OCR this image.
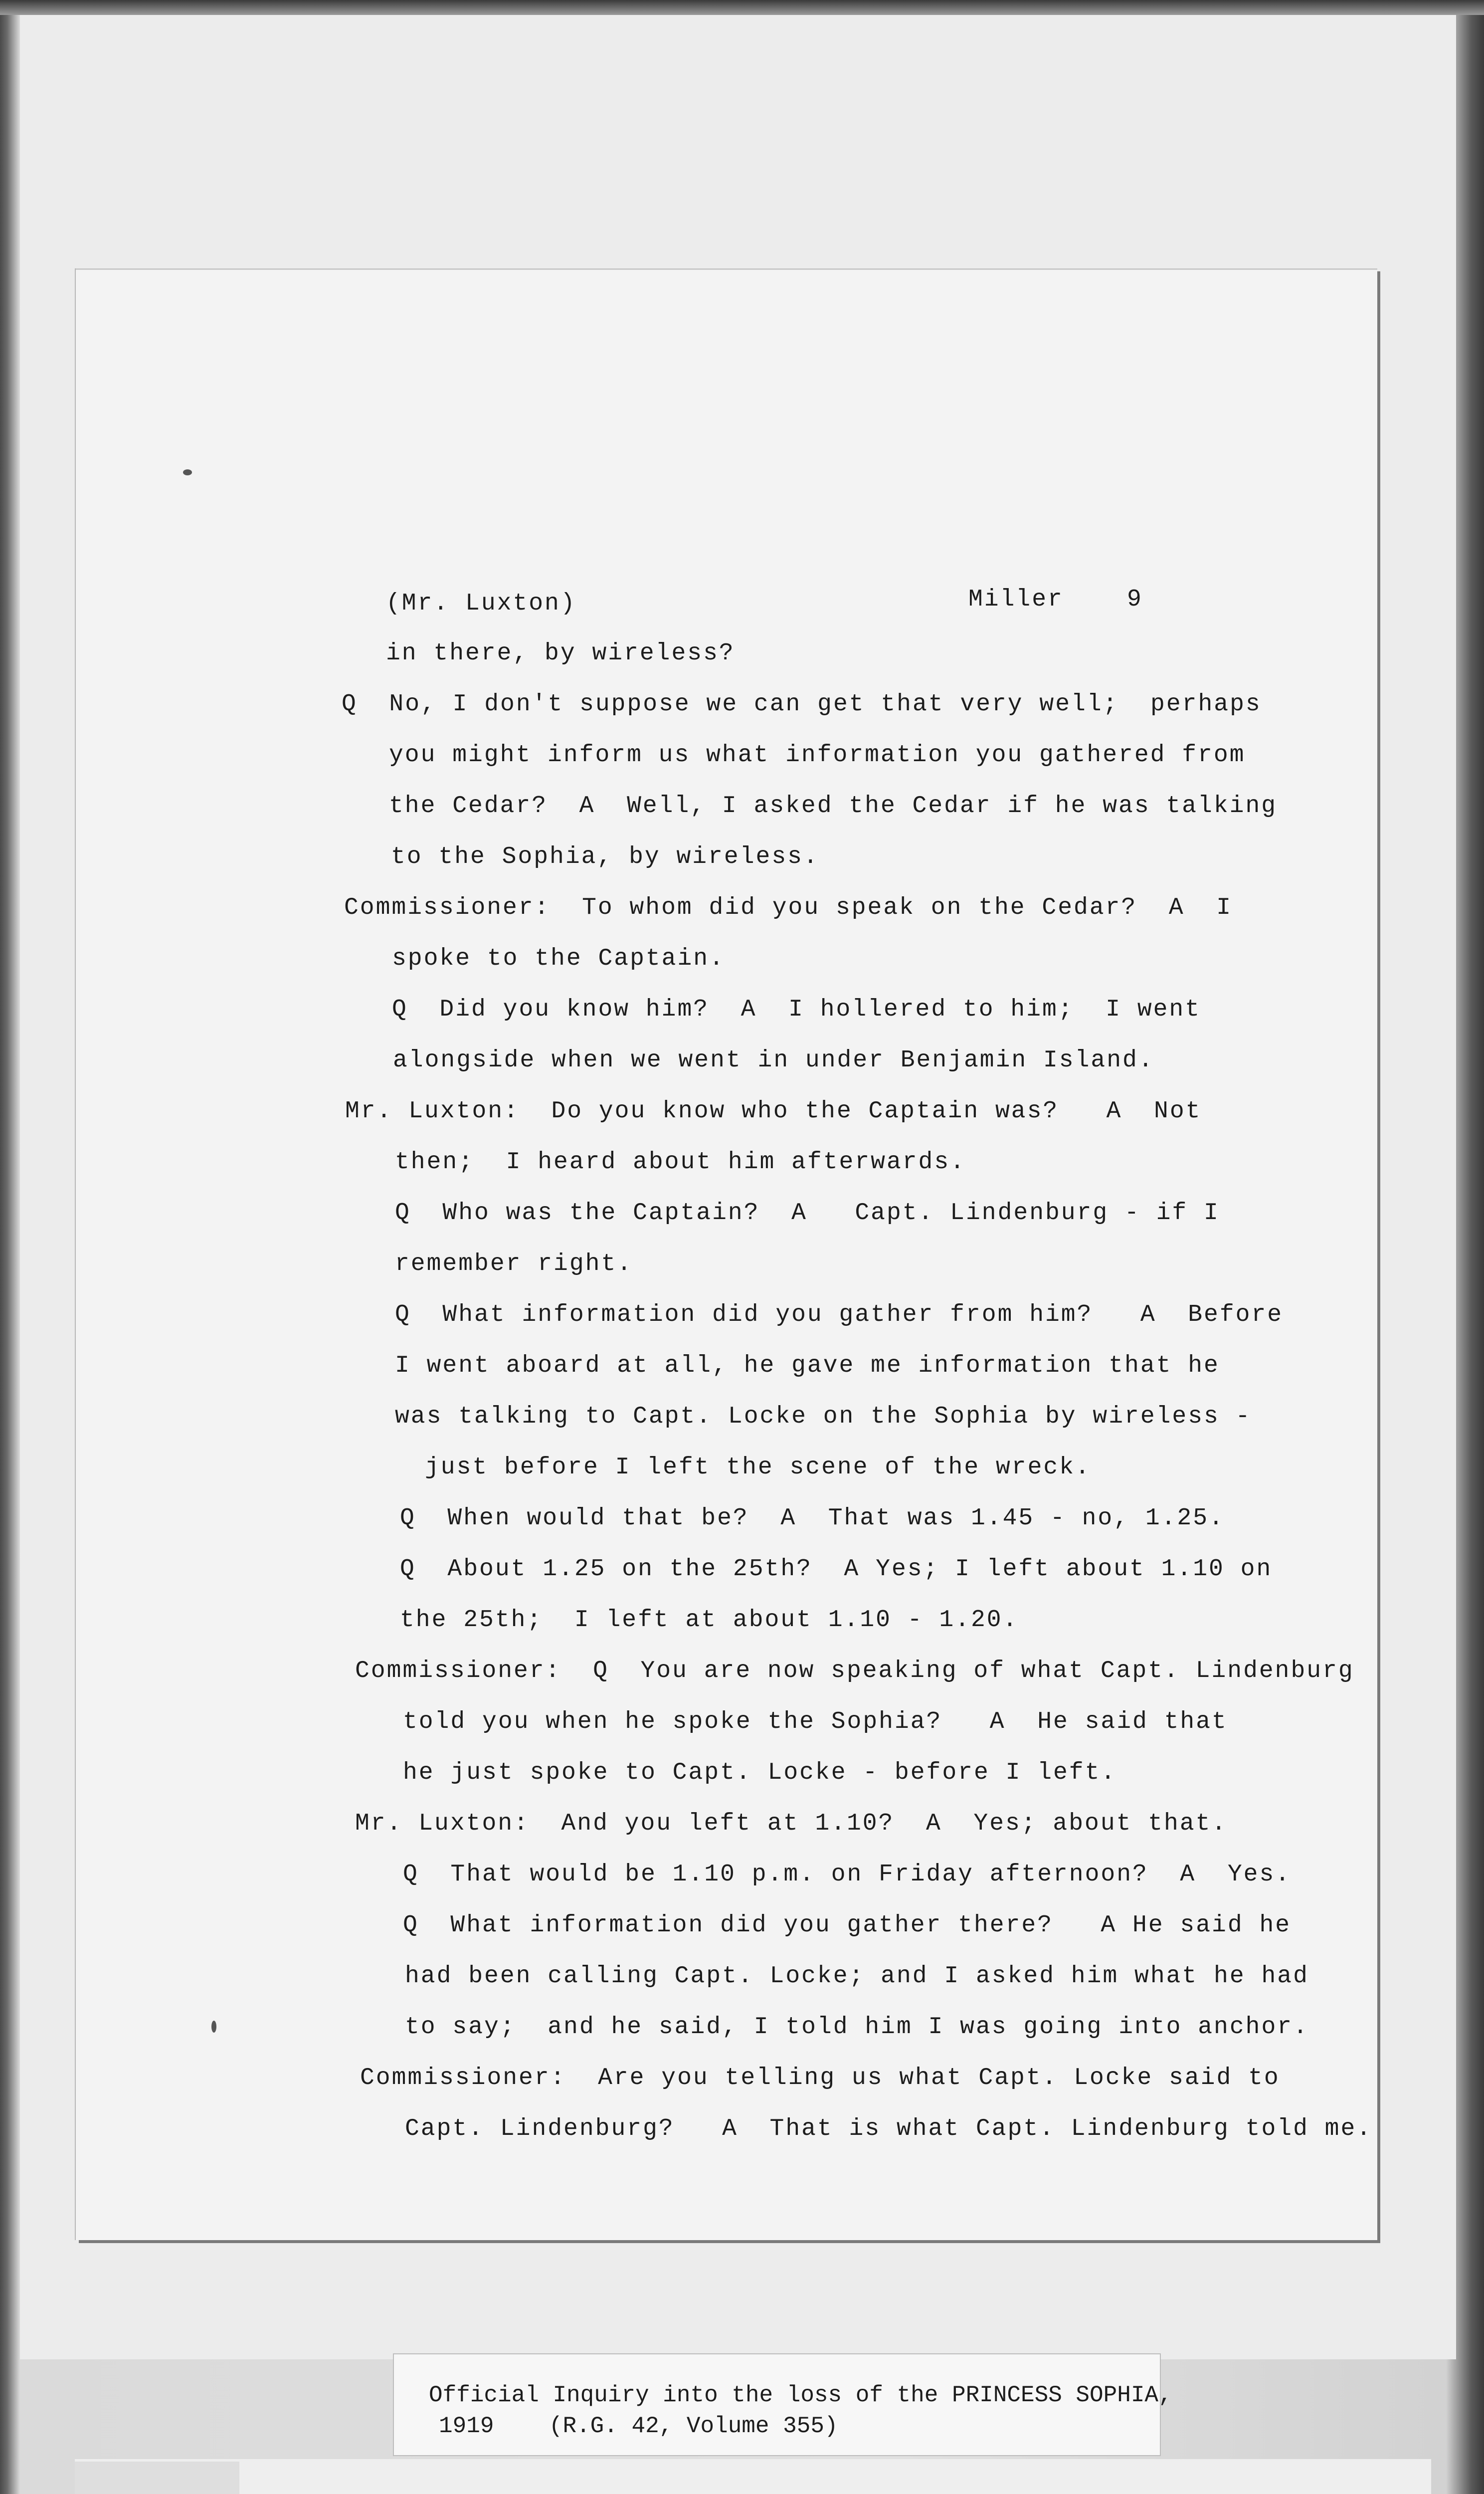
(Mr. Luxton)	Miller    9
in there, by wireless?
Q  No, I don't suppose we can get that very well;  perhaps
you might inform us what information you gathered from
the Cedar?  A  Well, I asked the Cedar if he was talking
to the Sophia, by wireless.
Commissioner:  To whom did you speak on the Cedar?  A  I
spoke to the Captain.
Q  Did you know him?  A  I hollered to him;  I went
alongside when we went in under Benjamin Island.
Mr. Luxton:  Do you know who the Captain was?   A  Not
then;  I heard about him afterwards.
Q  Who was the Captain?  A   Capt. Lindenburg - if I
remember right.
Q  What information did you gather from him?   A  Before
I went aboard at all, he gave me information that he
was talking to Capt. Locke on the Sophia by wireless -
just before I left the scene of the wreck.
Q  When would that be?  A  That was 1.45 - no, 1.25.
Q  About 1.25 on the 25th?  A Yes; I left about 1.10 on
the 25th;  I left at about 1.10 - 1.20.
Commissioner:  Q  You are now speaking of what Capt. Lindenburg
told you when he spoke the Sophia?   A  He said that
he just spoke to Capt. Locke - before I left.
Mr. Luxton:  And you left at 1.10?  A  Yes; about that.
Q  That would be 1.10 p.m. on Friday afternoon?  A  Yes.
Q  What information did you gather there?   A He said he
had been calling Capt. Locke; and I asked him what he had
to say;  and he said, I told him I was going into anchor.
Commissioner:  Are you telling us what Capt. Locke said to
Capt. Lindenburg?   A  That is what Capt. Lindenburg told me.
Official Inquiry into the loss of the PRINCESS SOPHIA,
1919    (R.G. 42, Volume 355)
